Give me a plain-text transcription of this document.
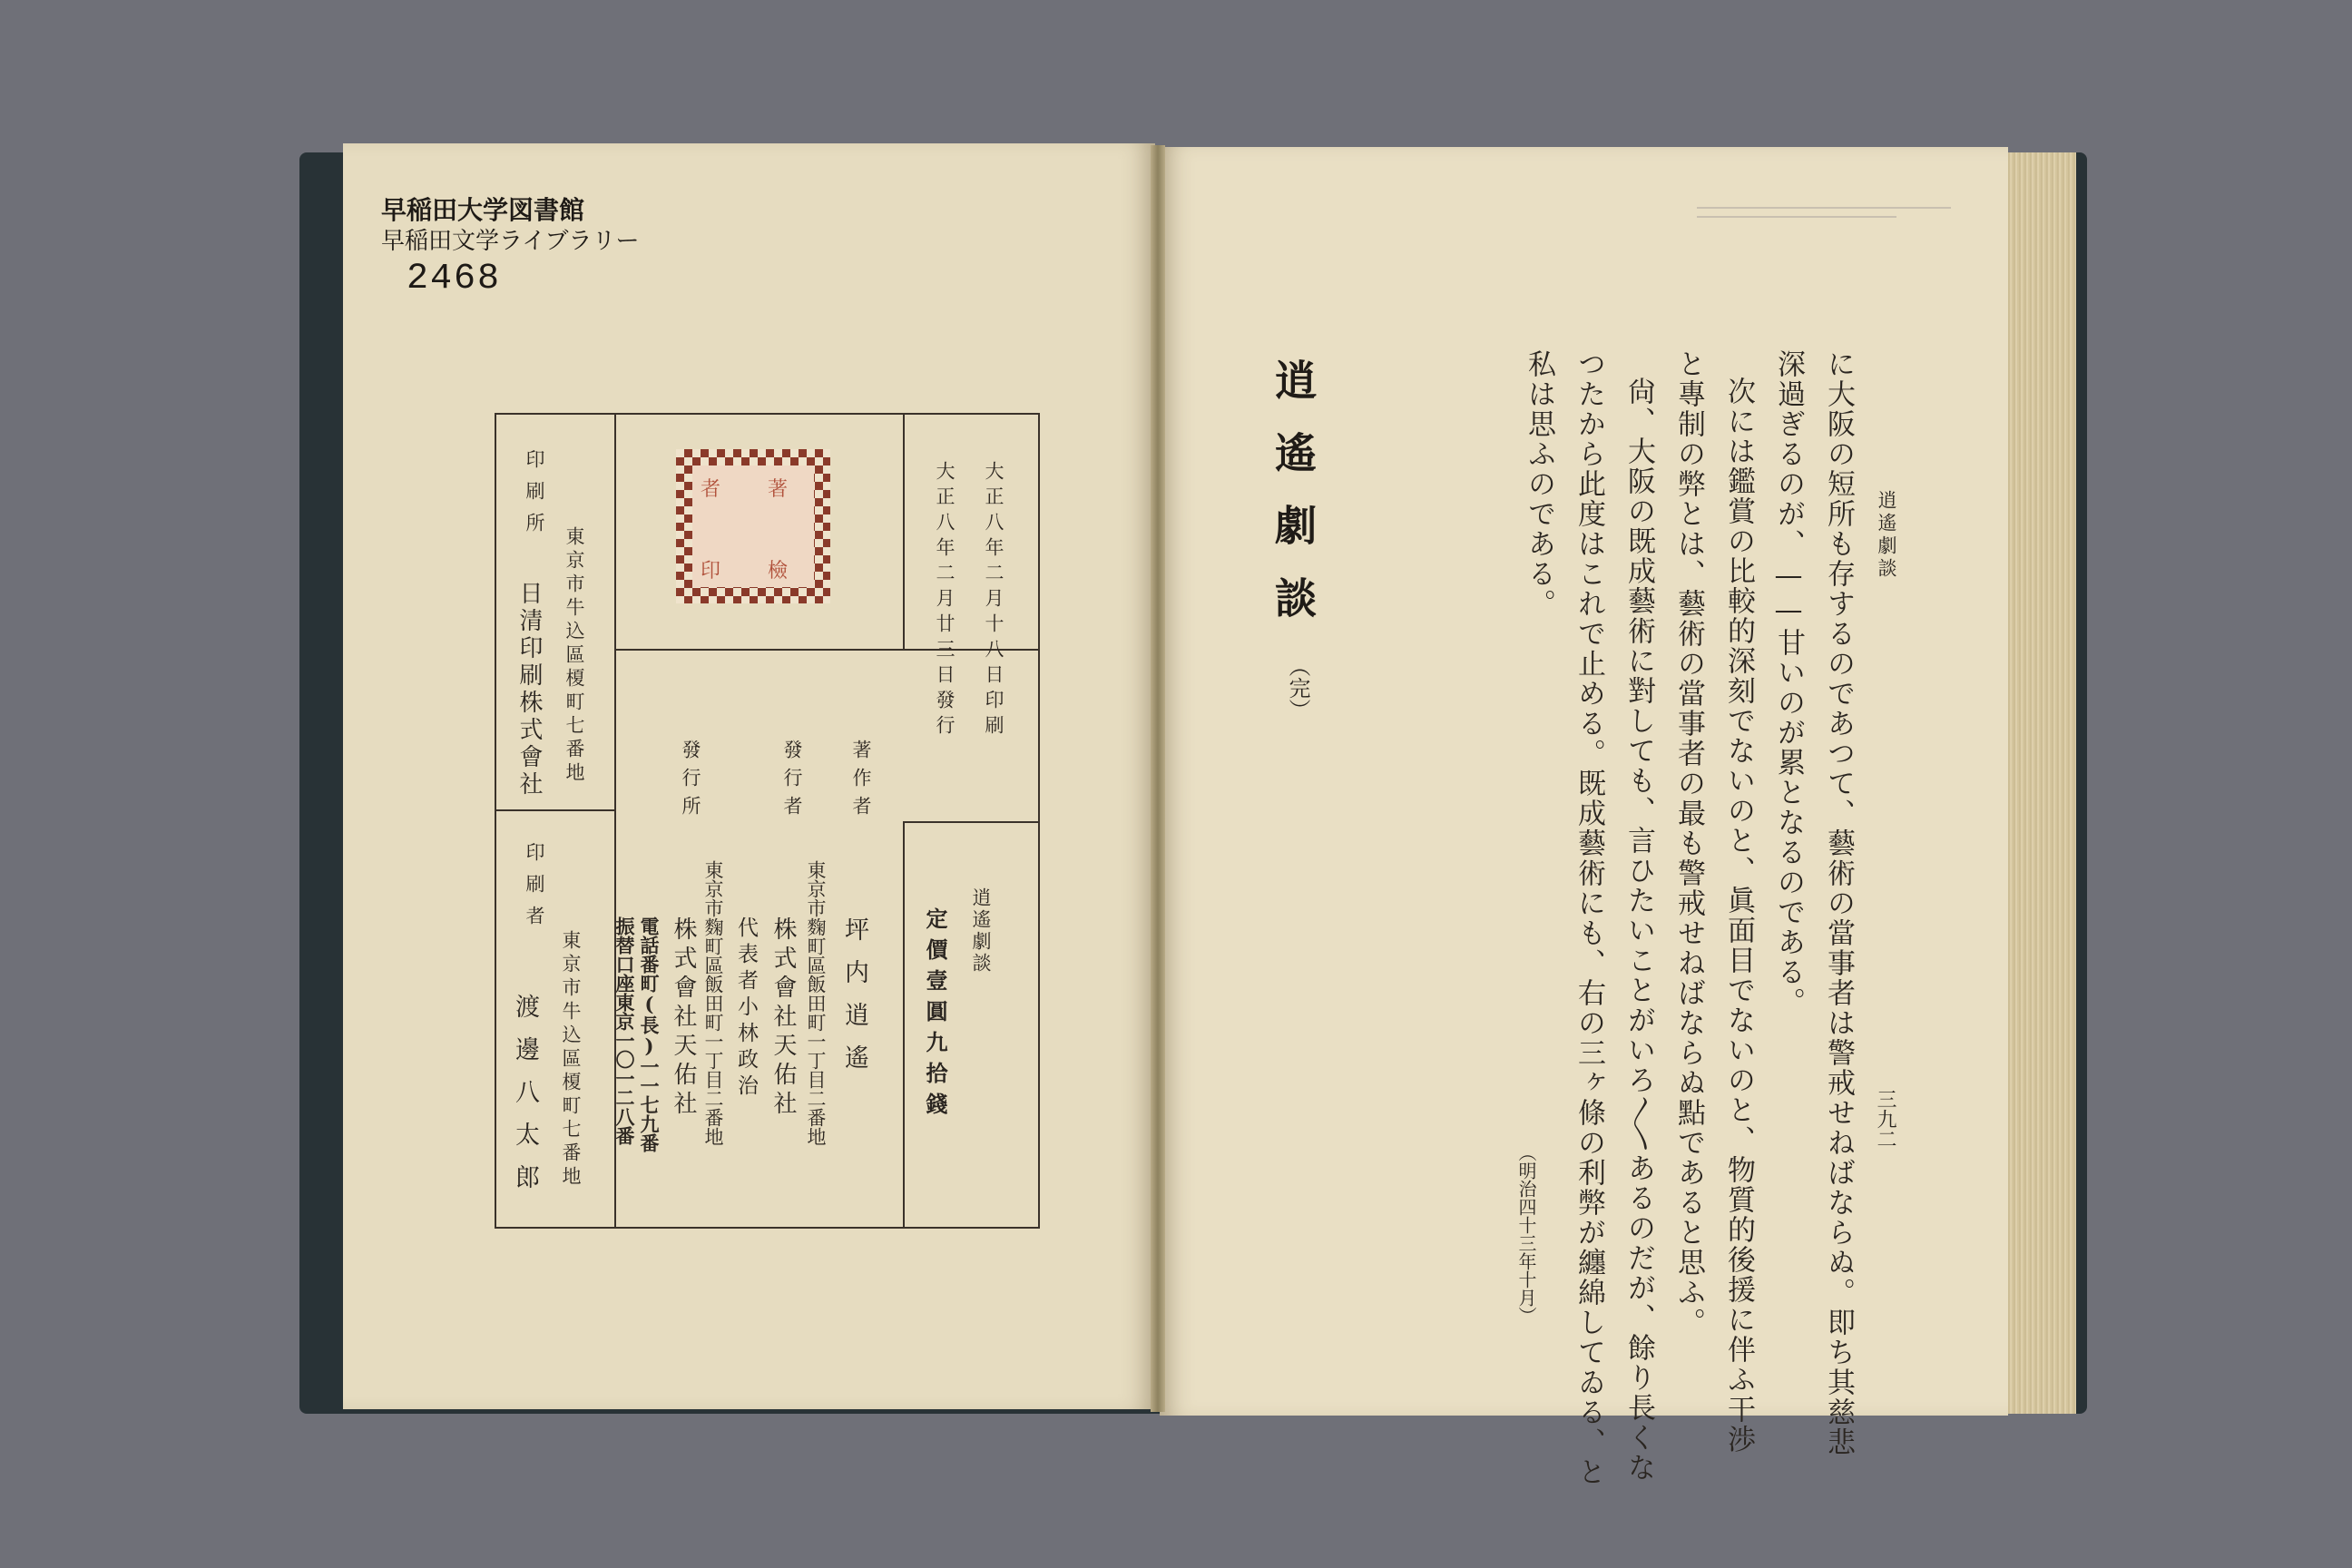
早稲田大学図書館
早稲田文学ライブラリー
2468
著
者
檢
印	大正八年二月十八日印刷
大正八年二月廿三日發行
逍遙劇談
定價壹圓九拾錢
著作者
坪内逍遙
發行者
東京市麴町區飯田町一丁目二番地
株式會社天佑社
代表者小林政治
發行所
東京市麴町區飯田町一丁目二番地
株式會社天佑社
電話番町(長)一一七九番
振替口座東京一〇一二八番
印刷所
東京市牛込區榎町七番地
日清印刷株式會社
印刷者
東京市牛込區榎町七番地
渡邊八太郎
逍遙劇談
三九二
に大阪の短所も存するのであつて、藝術の當事者は警戒せねばならぬ。即ち其慈悲
深過ぎるのが、——甘いのが累となるのである。
次には鑑賞の比較的深刻でないのと、眞面目でないのと、物質的後援に伴ふ干渉
と專制の弊とは、藝術の當事者の最も警戒せねばならぬ點であると思ふ。
尙、大阪の既成藝術に對しても、言ひたいことがいろ〳〵あるのだが、餘り長くな
つたから此度はこれで止める。既成藝術にも、右の三ヶ條の利弊が纏綿してゐる、と
私は思ふのである。
（明治四十三年十月）
逍遙劇談
（完）
